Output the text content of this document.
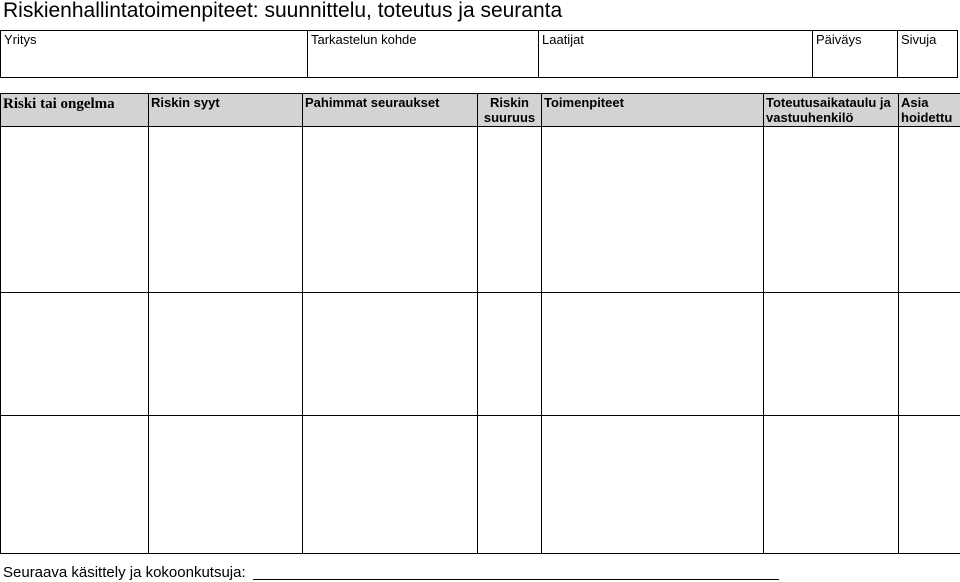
Riskienhallintatoimenpiteet: suunnittelu, toteutus ja seuranta
Yritys	Tarkastelun kohde	Laatijat	Päiväys	Sivuja
Riski tai ongelma	Riskin syyt	Pahimmat seuraukset	Riskin suuruus	Toimenpiteet	Toteutusaikataulu ja vastuuhenkilö	Asia hoidettu

Seuraava käsittely ja kokoonkutsuja:
